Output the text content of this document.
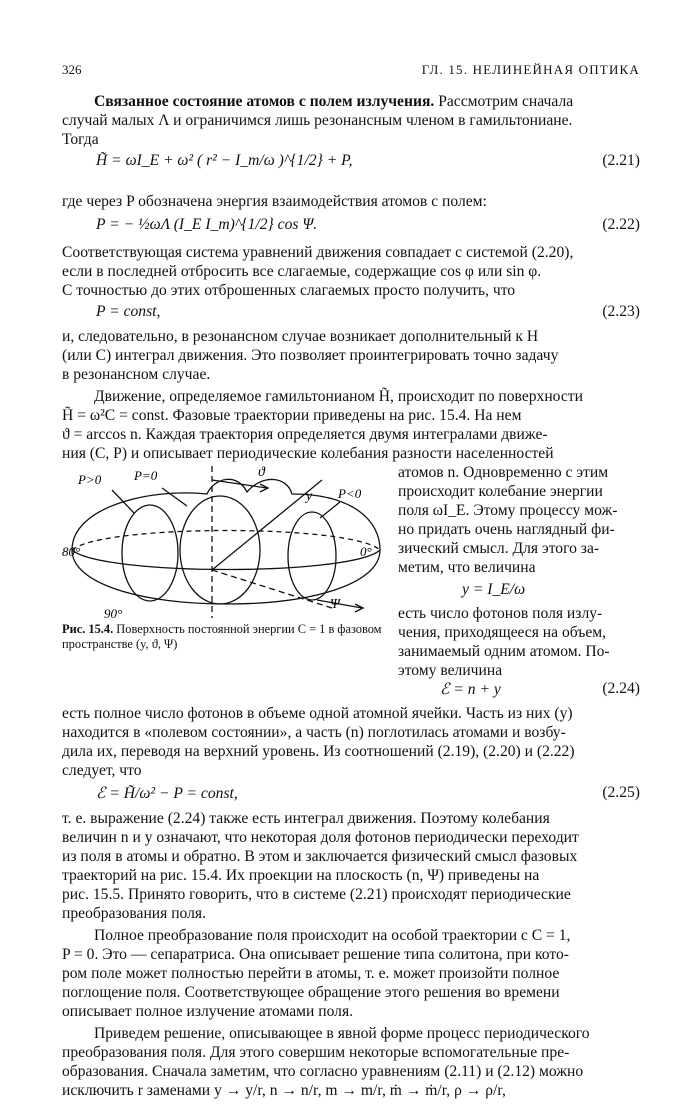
326	ГЛ. 15. НЕЛИНЕЙНАЯ ОПТИКА
Связанное состояние атомов с полем излучения. Рассмотрим сначала
случай малых Λ и ограничимся лишь резонансным членом в гамильтониане.
Тогда
H̃ = ωI_E + ω² ( r² − I_m/ω )^{1/2} + P,	(2.21)
где через P обозначена энергия взаимодействия атомов с полем:
P = − ½ωΛ (I_E I_m)^{1/2} cos Ψ.	(2.22)
Соответствующая система уравнений движения совпадает с системой (2.20),
если в последней отбросить все слагаемые, содержащие cos φ или sin φ.
С точностью до этих отброшенных слагаемых просто получить, что
P = const,	(2.23)
и, следовательно, в резонансном случае возникает дополнительный к H
(или C) интеграл движения. Это позволяет проинтегрировать точно задачу
в резонансном случае.
Движение, определяемое гамильтонианом H̃, происходит по поверхности
H̃ = ω²C = const. Фазовые траектории приведены на рис. 15.4. На нем
ϑ = arccos n. Каждая траектория определяется двумя интегралами движе-
ния (C, P) и описывает периодические колебания разности населенностей
P>0	P=0
P<0
ϑ
y
Ψ
80°	0°
90°
Рис. 15.4. Поверхность постоянной энергии C = 1 в фазовом пространстве (y, ϑ, Ψ)
атомов n. Одновременно с этим
происходит колебание энергии
поля ωI_E. Этому процессу мож-
но придать очень наглядный фи-
зический смысл. Для этого за-
метим, что величина
y = I_E/ω
есть число фотонов поля излу-
чения, приходящееся на объем,
занимаемый одним атомом. По-
этому величина
ℰ = n + y	(2.24)
есть полное число фотонов в объеме одной атомной ячейки. Часть из них (y)
находится в «полевом состоянии», а часть (n) поглотилась атомами и возбу-
дила их, переводя на верхний уровень. Из соотношений (2.19), (2.20) и (2.22)
следует, что
ℰ = H̃/ω² − P = const,	(2.25)
т. е. выражение (2.24) также есть интеграл движения. Поэтому колебания
величин n и y означают, что некоторая доля фотонов периодически переходит
из поля в атомы и обратно. В этом и заключается физический смысл фазовых
траекторий на рис. 15.4. Их проекции на плоскость (n, Ψ) приведены на
рис. 15.5. Принято говорить, что в системе (2.21) происходят периодические
преобразования поля.
Полное преобразование поля происходит на особой траектории с C = 1,
P = 0. Это — сепаратриса. Она описывает решение типа солитона, при кото-
ром поле может полностью перейти в атомы, т. е. может произойти полное
поглощение поля. Соответствующее обращение этого решения во времени
описывает полное излучение атомами поля.
Приведем решение, описывающее в явной форме процесс периодического
преобразования поля. Для этого совершим некоторые вспомогательные пре-
образования. Сначала заметим, что согласно уравнениям (2.11) и (2.12) можно
исключить r заменами y → y/r, n → n/r, m → m/r, ṁ → ṁ/r, ρ → ρ/r,
